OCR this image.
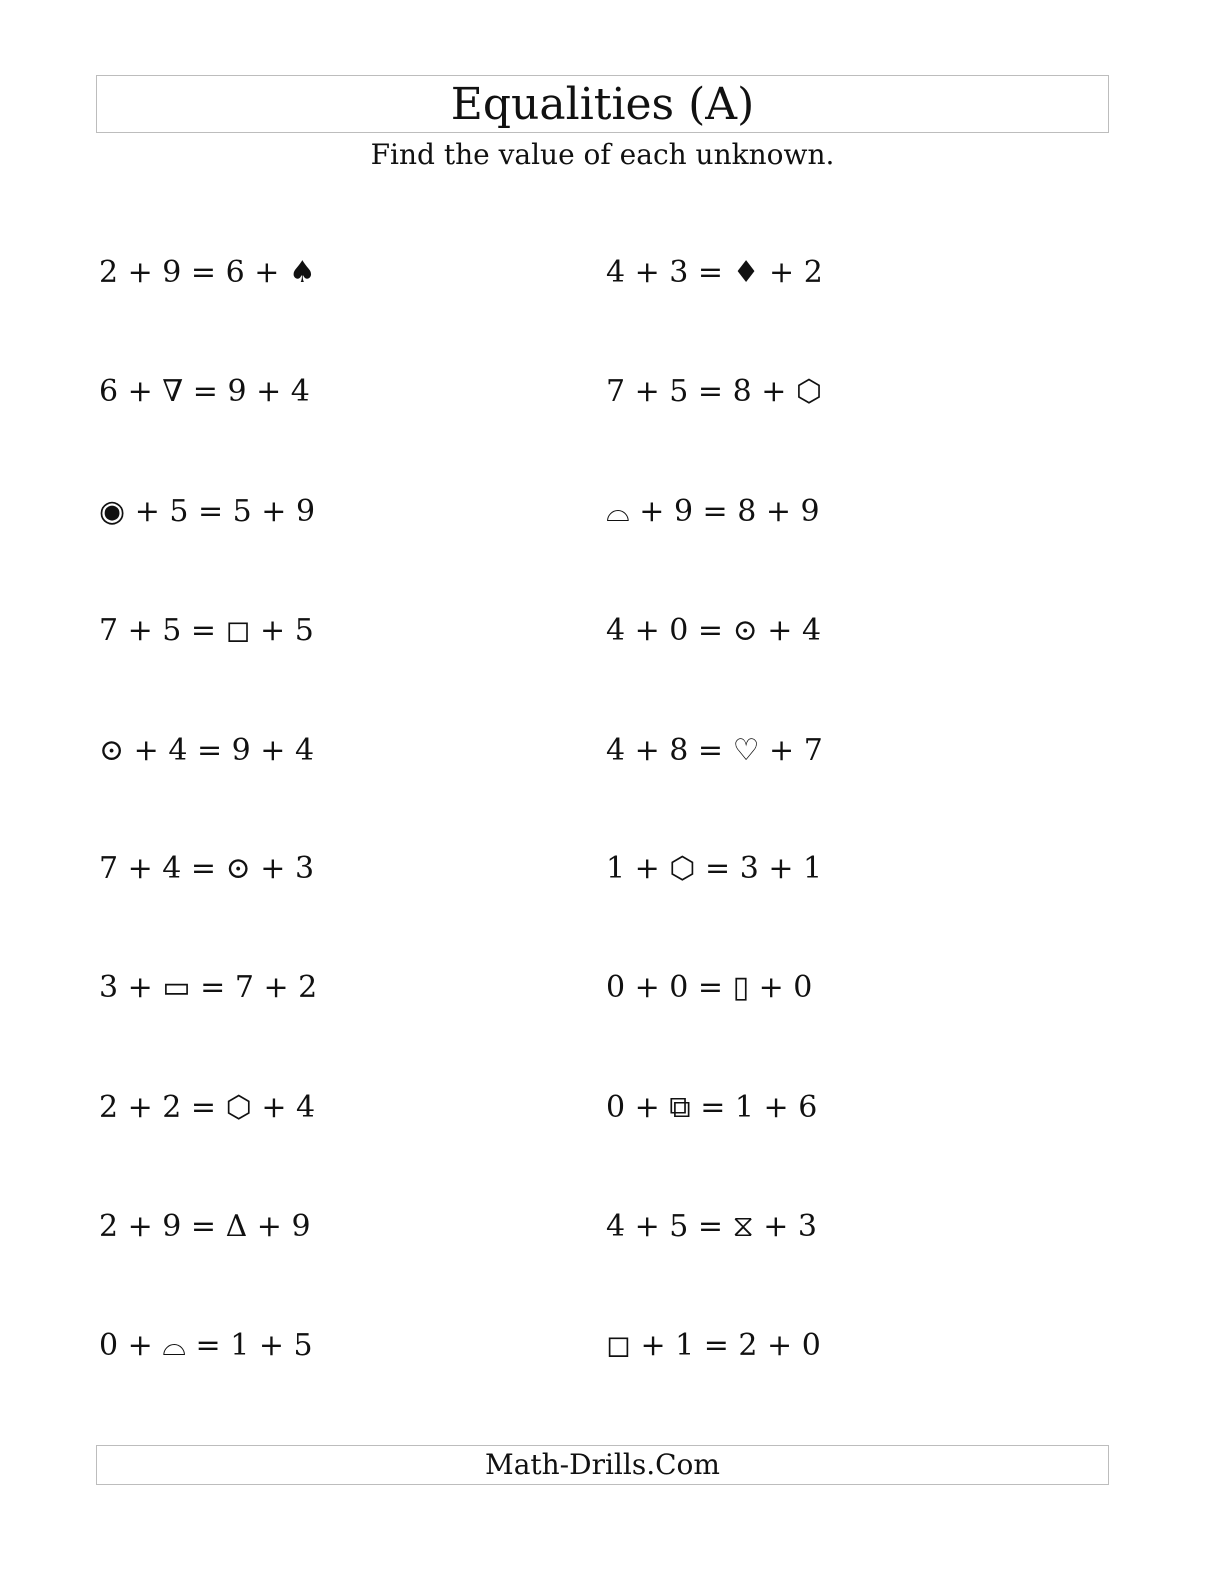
Equalities (A)
Find the value of each unknown.
2 + 9 = 6 + ♠
6 + ∇ = 9 + 4
◉ + 5 = 5 + 9
7 + 5 = ◻ + 5
⊙ + 4 = 9 + 4
7 + 4 = ⊙ + 3
3 + ▭ = 7 + 2
2 + 2 = ⬡ + 4
2 + 9 = Δ + 9
0 + ⌓ = 1 + 5
4 + 3 = ♦ + 2
7 + 5 = 8 + ⬡
⌓ + 9 = 8 + 9
4 + 0 = ⊙ + 4
4 + 8 = ♡ + 7
1 + ⬡ = 3 + 1
0 + 0 = ▯ + 0
0 + ⧉ = 1 + 6
4 + 5 = ⧖ + 3
◻ + 1 = 2 + 0
Math-Drills.Com
